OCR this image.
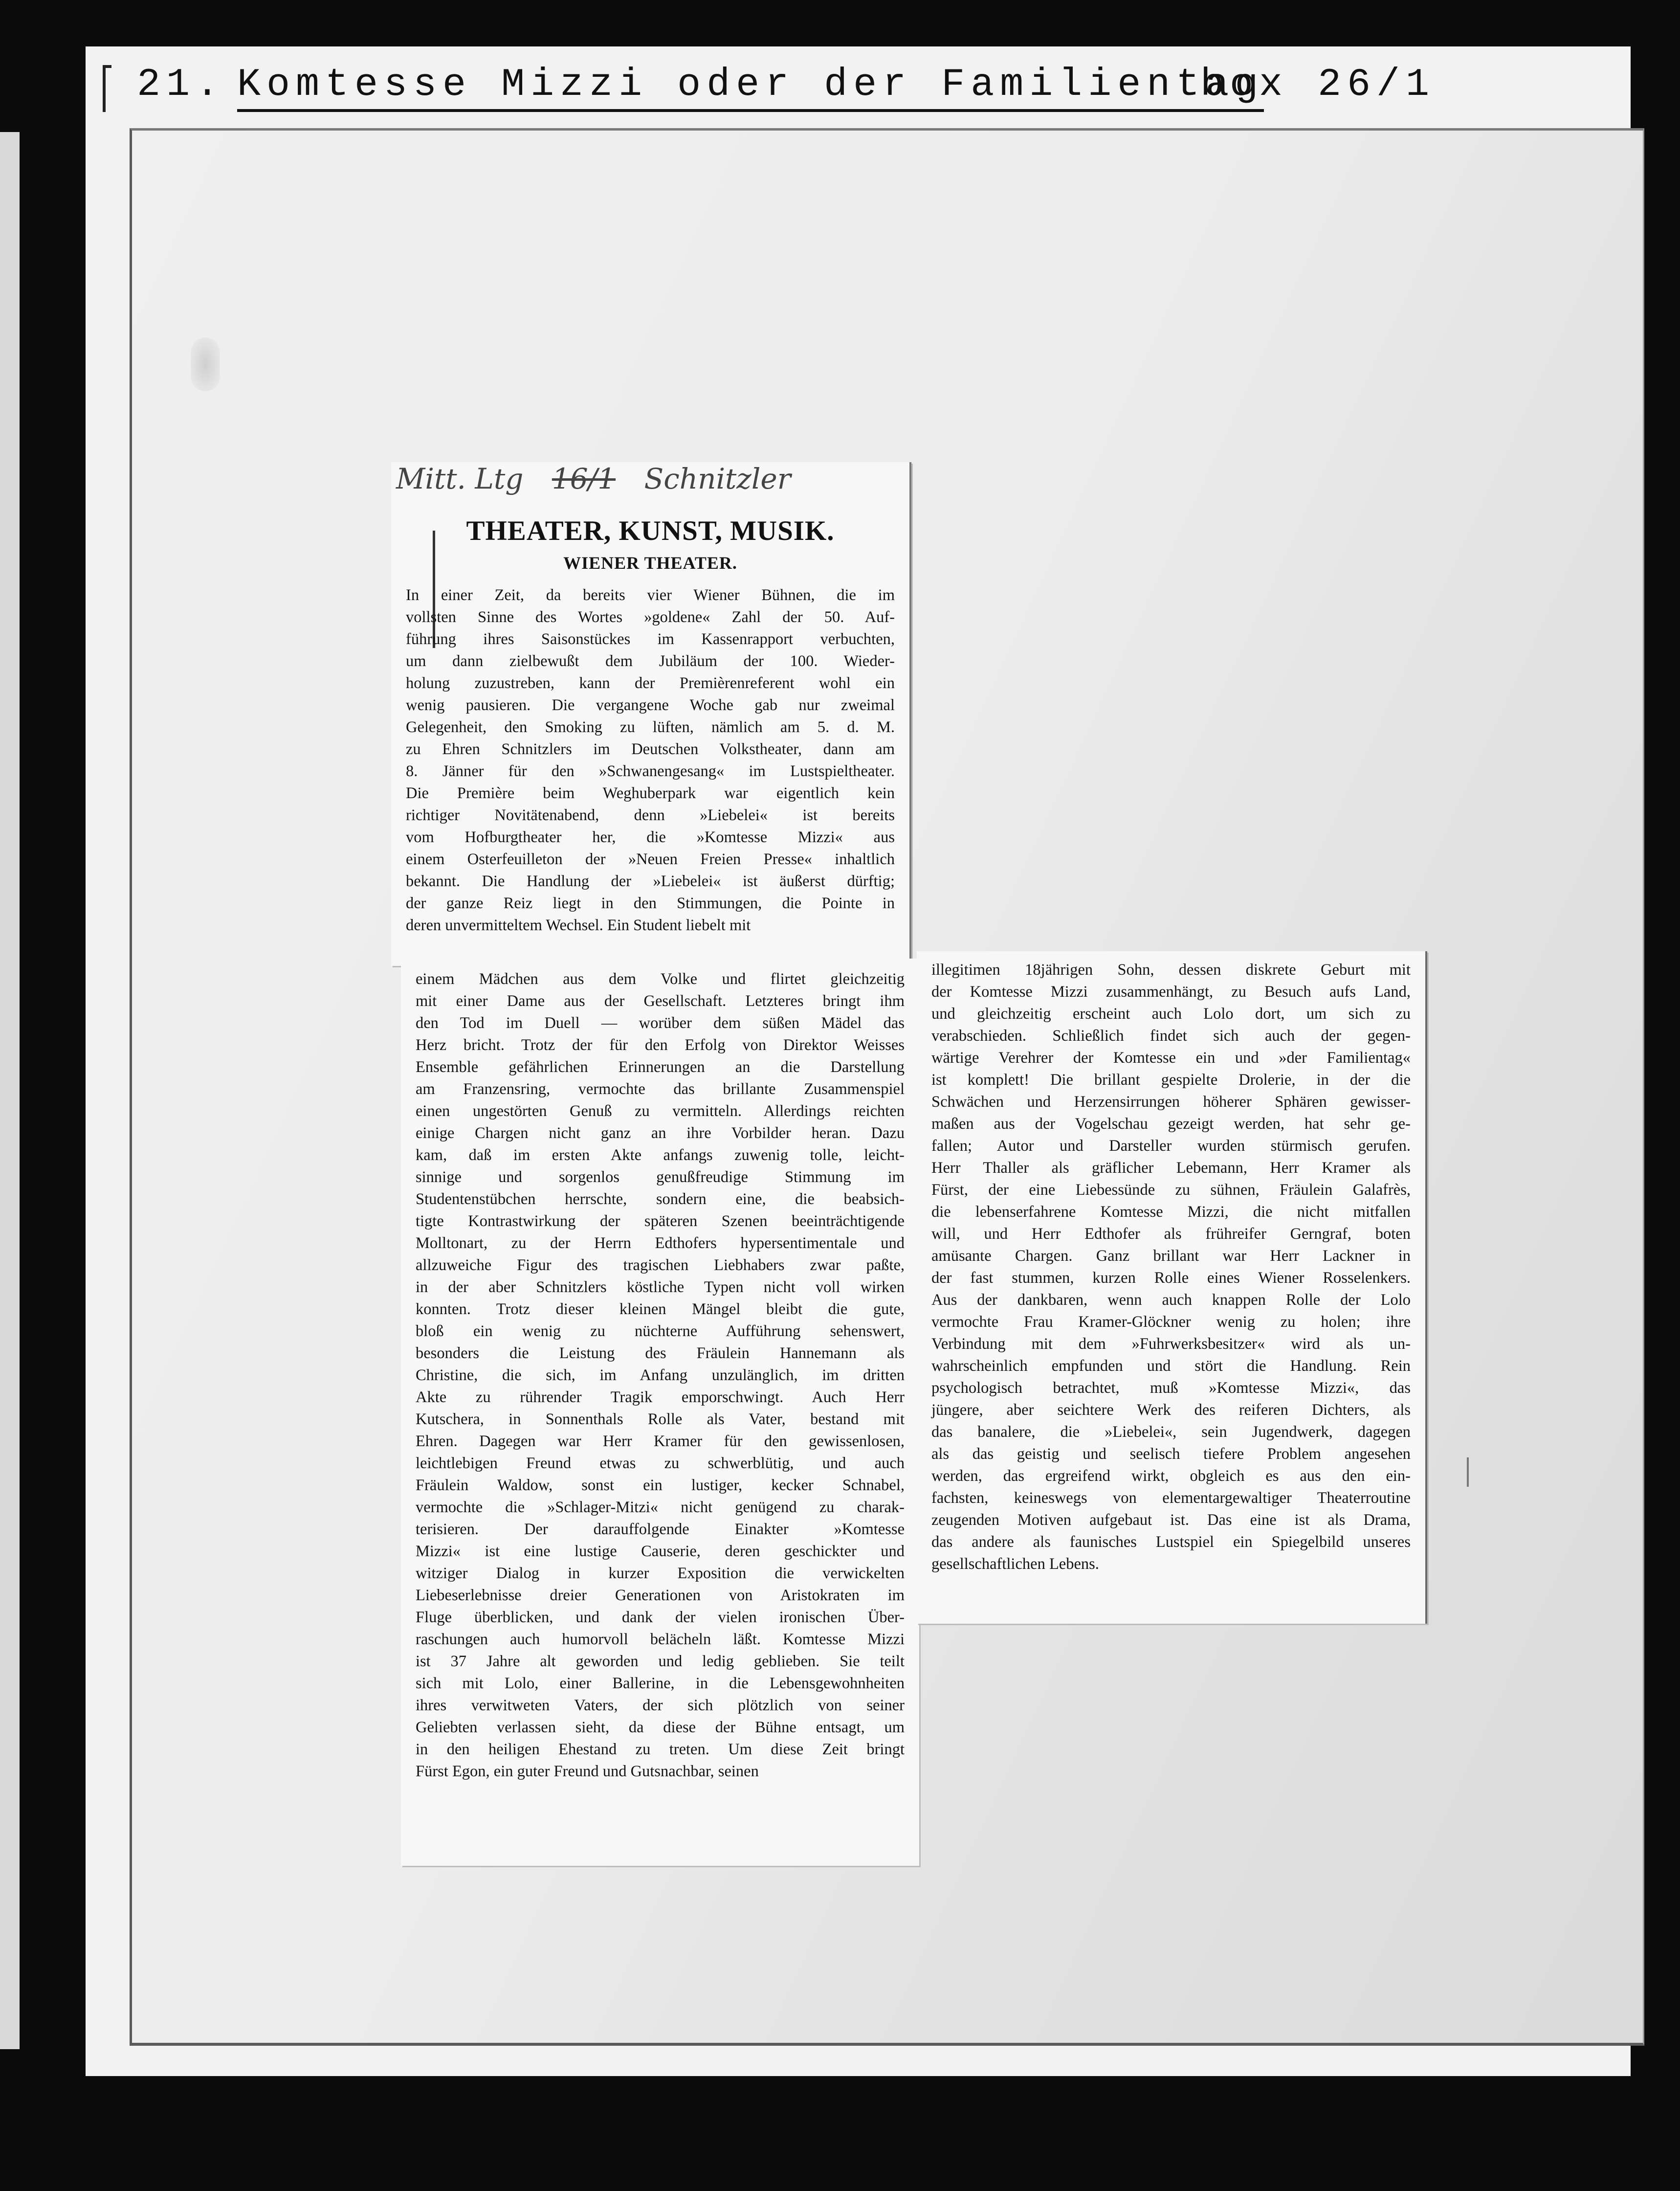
21. Komtesse Mizzi oder der Familientag
box 26/1
Mitt. Ltg 16/1 Schnitzler
THEATER, KUNST, MUSIK.
WIENER THEATER.
In einer Zeit, da bereits vier Wiener Bühnen, die im
vollsten Sinne des Wortes »goldene« Zahl der 50. Auf-
führung ihres Saisonstückes im Kassenrapport verbuchten,
um dann zielbewußt dem Jubiläum der 100. Wieder-
holung zuzustreben, kann der Premièrenreferent wohl ein
wenig pausieren. Die vergangene Woche gab nur zweimal
Gelegenheit, den Smoking zu lüften, nämlich am 5. d. M.
zu Ehren Schnitzlers im Deutschen Volkstheater, dann am
8. Jänner für den »Schwanengesang« im Lustspieltheater.
Die Première beim Weghuberpark war eigentlich kein
richtiger Novitätenabend, denn »Liebelei« ist bereits
vom Hofburgtheater her, die »Komtesse Mizzi« aus
einem Osterfeuilleton der »Neuen Freien Presse« inhaltlich
bekannt. Die Handlung der »Liebelei« ist äußerst dürftig;
der ganze Reiz liegt in den Stimmungen, die Pointe in
deren unvermitteltem Wechsel. Ein Student liebelt mit
einem Mädchen aus dem Volke und flirtet gleichzeitig
mit einer Dame aus der Gesellschaft. Letzteres bringt ihm
den Tod im Duell — worüber dem süßen Mädel das
Herz bricht. Trotz der für den Erfolg von Direktor Weisses
Ensemble gefährlichen Erinnerungen an die Darstellung
am Franzensring, vermochte das brillante Zusammenspiel
einen ungestörten Genuß zu vermitteln. Allerdings reichten
einige Chargen nicht ganz an ihre Vorbilder heran. Dazu
kam, daß im ersten Akte anfangs zuwenig tolle, leicht-
sinnige und sorgenlos genußfreudige Stimmung im
Studentenstübchen herrschte, sondern eine, die beabsich-
tigte Kontrastwirkung der späteren Szenen beeinträchtigende
Molltonart, zu der Herrn Edthofers hypersentimentale und
allzuweiche Figur des tragischen Liebhabers zwar paßte,
in der aber Schnitzlers köstliche Typen nicht voll wirken
konnten. Trotz dieser kleinen Mängel bleibt die gute,
bloß ein wenig zu nüchterne Aufführung sehenswert,
besonders die Leistung des Fräulein Hannemann als
Christine, die sich, im Anfang unzulänglich, im dritten
Akte zu rührender Tragik emporschwingt. Auch Herr
Kutschera, in Sonnenthals Rolle als Vater, bestand mit
Ehren. Dagegen war Herr Kramer für den gewissenlosen,
leichtlebigen Freund etwas zu schwerblütig, und auch
Fräulein Waldow, sonst ein lustiger, kecker Schnabel,
vermochte die »Schlager-Mitzi« nicht genügend zu charak-
terisieren. Der darauffolgende Einakter »Komtesse
Mizzi« ist eine lustige Causerie, deren geschickter und
witziger Dialog in kurzer Exposition die verwickelten
Liebeserlebnisse dreier Generationen von Aristokraten im
Fluge überblicken, und dank der vielen ironischen Über-
raschungen auch humorvoll belächeln läßt. Komtesse Mizzi
ist 37 Jahre alt geworden und ledig geblieben. Sie teilt
sich mit Lolo, einer Ballerine, in die Lebensgewohnheiten
ihres verwitweten Vaters, der sich plötzlich von seiner
Geliebten verlassen sieht, da diese der Bühne entsagt, um
in den heiligen Ehestand zu treten. Um diese Zeit bringt
Fürst Egon, ein guter Freund und Gutsnachbar, seinen
illegitimen 18jährigen Sohn, dessen diskrete Geburt mit
der Komtesse Mizzi zusammenhängt, zu Besuch aufs Land,
und gleichzeitig erscheint auch Lolo dort, um sich zu
verabschieden. Schließlich findet sich auch der gegen-
wärtige Verehrer der Komtesse ein und »der Familientag«
ist komplett! Die brillant gespielte Drolerie, in der die
Schwächen und Herzensirrungen höherer Sphären gewisser-
maßen aus der Vogelschau gezeigt werden, hat sehr ge-
fallen; Autor und Darsteller wurden stürmisch gerufen.
Herr Thaller als gräflicher Lebemann, Herr Kramer als
Fürst, der eine Liebessünde zu sühnen, Fräulein Galafrès,
die lebenserfahrene Komtesse Mizzi, die nicht mitfallen
will, und Herr Edthofer als frühreifer Gerngraf, boten
amüsante Chargen. Ganz brillant war Herr Lackner in
der fast stummen, kurzen Rolle eines Wiener Rosselenkers.
Aus der dankbaren, wenn auch knappen Rolle der Lolo
vermochte Frau Kramer-Glöckner wenig zu holen; ihre
Verbindung mit dem »Fuhrwerksbesitzer« wird als un-
wahrscheinlich empfunden und stört die Handlung. Rein
psychologisch betrachtet, muß »Komtesse Mizzi«, das
jüngere, aber seichtere Werk des reiferen Dichters, als
das banalere, die »Liebelei«, sein Jugendwerk, dagegen
als das geistig und seelisch tiefere Problem angesehen
werden, das ergreifend wirkt, obgleich es aus den ein-
fachsten, keineswegs von elementargewaltiger Theaterroutine
zeugenden Motiven aufgebaut ist. Das eine ist als Drama,
das andere als faunisches Lustspiel ein Spiegelbild unseres
gesellschaftlichen Lebens.
